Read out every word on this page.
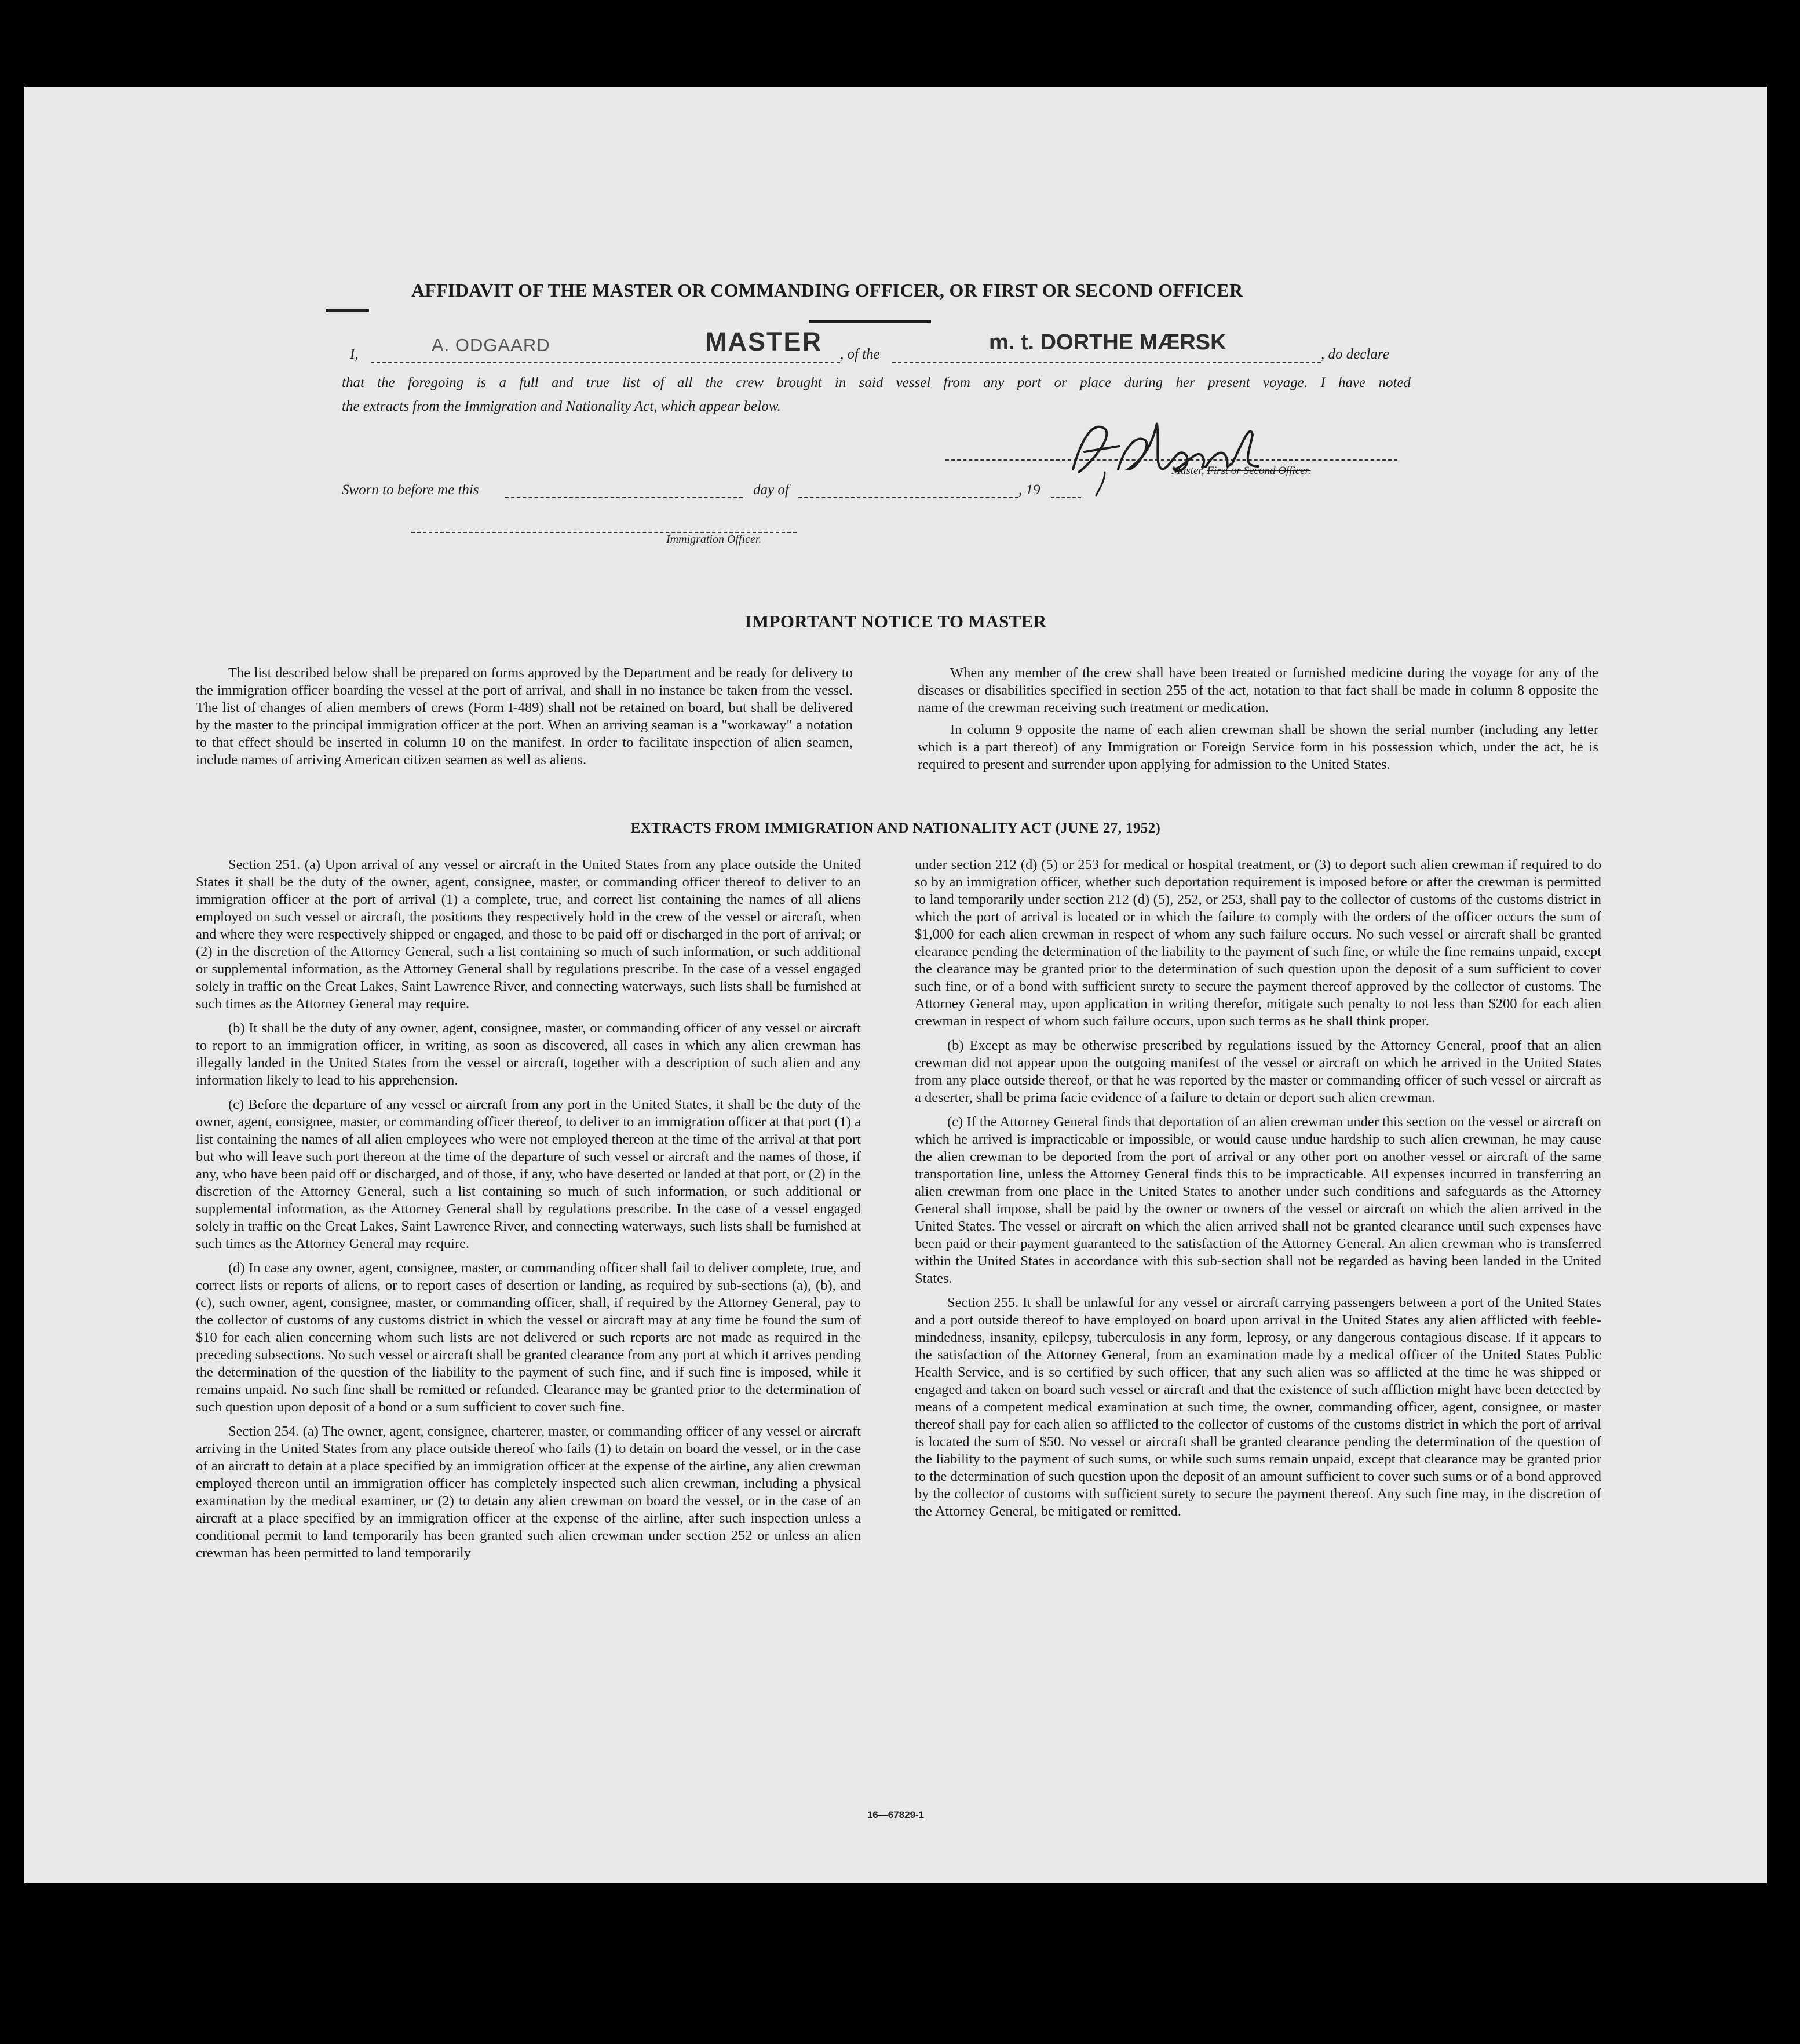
AFFIDAVIT OF THE MASTER OR COMMANDING OFFICER, OR FIRST OR SECOND OFFICER
I,	A. ODGAARD	MASTER , of the	m. t. DORTHE MÆRSK	, do declare
that the foregoing is a full and true list of all the crew brought in said vessel from any port or place during her present voyage. I have noted
the extracts from the Immigration and Nationality Act, which appear below.	A. Odgaard
Master, First or Second Officer.
Sworn to before me this	day of	, 19
Immigration Officer.
IMPORTANT NOTICE TO MASTER

The list described below shall be prepared on forms approved by the Department and be ready for delivery to the immigration officer boarding the vessel at the port of arrival, and shall in no instance be taken from the vessel. The list of changes of alien members of crews (Form I-489) shall not be retained on board, but shall be delivered by the master to the principal immigration officer at the port. When an arriving seaman is a "workaway" a notation to that effect should be inserted in column 10 on the manifest. In order to facilitate inspection of alien seamen, include names of arriving American citizen seamen as well as aliens.

When any member of the crew shall have been treated or furnished medicine during the voyage for any of the diseases or disabilities specified in section 255 of the act, notation to that fact shall be made in column 8 opposite the name of the crewman receiving such treatment or medication.

In column 9 opposite the name of each alien crewman shall be shown the serial number (including any letter which is a part thereof) of any Immigration or Foreign Service form in his possession which, under the act, he is required to present and surrender upon applying for admission to the United States.

EXTRACTS FROM IMMIGRATION AND NATIONALITY ACT (JUNE 27, 1952)

Section 251. (a) Upon arrival of any vessel or aircraft in the United States from any place outside the United States it shall be the duty of the owner, agent, consignee, master, or commanding officer thereof to deliver to an immigration officer at the port of arrival (1) a complete, true, and correct list containing the names of all aliens employed on such vessel or aircraft, the positions they respectively hold in the crew of the vessel or aircraft, when and where they were respectively shipped or engaged, and those to be paid off or discharged in the port of arrival; or (2) in the discretion of the Attorney General, such a list containing so much of such information, or such additional or supplemental information, as the Attorney General shall by regulations prescribe. In the case of a vessel engaged solely in traffic on the Great Lakes, Saint Lawrence River, and connecting waterways, such lists shall be furnished at such times as the Attorney General may require.

(b) It shall be the duty of any owner, agent, consignee, master, or commanding officer of any vessel or aircraft to report to an immigration officer, in writing, as soon as discovered, all cases in which any alien crewman has illegally landed in the United States from the vessel or aircraft, together with a description of such alien and any information likely to lead to his apprehension.

(c) Before the departure of any vessel or aircraft from any port in the United States, it shall be the duty of the owner, agent, consignee, master, or commanding officer thereof, to deliver to an immigration officer at that port (1) a list containing the names of all alien employees who were not employed thereon at the time of the arrival at that port but who will leave such port thereon at the time of the departure of such vessel or aircraft and the names of those, if any, who have been paid off or discharged, and of those, if any, who have deserted or landed at that port, or (2) in the discretion of the Attorney General, such a list containing so much of such information, or such additional or supplemental information, as the Attorney General shall by regulations prescribe. In the case of a vessel engaged solely in traffic on the Great Lakes, Saint Lawrence River, and connecting waterways, such lists shall be furnished at such times as the Attorney General may require.

(d) In case any owner, agent, consignee, master, or commanding officer shall fail to deliver complete, true, and correct lists or reports of aliens, or to report cases of desertion or landing, as required by sub-sections (a), (b), and (c), such owner, agent, consignee, master, or commanding officer, shall, if required by the Attorney General, pay to the collector of customs of any customs district in which the vessel or aircraft may at any time be found the sum of $10 for each alien concerning whom such lists are not delivered or such reports are not made as required in the preceding subsections. No such vessel or aircraft shall be granted clearance from any port at which it arrives pending the determination of the question of the liability to the payment of such fine, and if such fine is imposed, while it remains unpaid. No such fine shall be remitted or refunded. Clearance may be granted prior to the determination of such question upon deposit of a bond or a sum sufficient to cover such fine.

Section 254. (a) The owner, agent, consignee, charterer, master, or commanding officer of any vessel or aircraft arriving in the United States from any place outside thereof who fails (1) to detain on board the vessel, or in the case of an aircraft to detain at a place specified by an immigration officer at the expense of the airline, any alien crewman employed thereon until an immigration officer has completely inspected such alien crewman, including a physical examination by the medical examiner, or (2) to detain any alien crewman on board the vessel, or in the case of an aircraft at a place specified by an immigration officer at the expense of the airline, after such inspection unless a conditional permit to land temporarily has been granted such alien crewman under section 252 or unless an alien crewman has been permitted to land temporarily

under section 212 (d) (5) or 253 for medical or hospital treatment, or (3) to deport such alien crewman if required to do so by an immigration officer, whether such deportation requirement is imposed before or after the crewman is permitted to land temporarily under section 212 (d) (5), 252, or 253, shall pay to the collector of customs of the customs district in which the port of arrival is located or in which the failure to comply with the orders of the officer occurs the sum of $1,000 for each alien crewman in respect of whom any such failure occurs. No such vessel or aircraft shall be granted clearance pending the determination of the liability to the payment of such fine, or while the fine remains unpaid, except the clearance may be granted prior to the determination of such question upon the deposit of a sum sufficient to cover such fine, or of a bond with sufficient surety to secure the payment thereof approved by the collector of customs. The Attorney General may, upon application in writing therefor, mitigate such penalty to not less than $200 for each alien crewman in respect of whom such failure occurs, upon such terms as he shall think proper.

(b) Except as may be otherwise prescribed by regulations issued by the Attorney General, proof that an alien crewman did not appear upon the outgoing manifest of the vessel or aircraft on which he arrived in the United States from any place outside thereof, or that he was reported by the master or commanding officer of such vessel or aircraft as a deserter, shall be prima facie evidence of a failure to detain or deport such alien crewman.

(c) If the Attorney General finds that deportation of an alien crewman under this section on the vessel or aircraft on which he arrived is impracticable or impossible, or would cause undue hardship to such alien crewman, he may cause the alien crewman to be deported from the port of arrival or any other port on another vessel or aircraft of the same transportation line, unless the Attorney General finds this to be impracticable. All expenses incurred in transferring an alien crewman from one place in the United States to another under such conditions and safeguards as the Attorney General shall impose, shall be paid by the owner or owners of the vessel or aircraft on which the alien arrived in the United States. The vessel or aircraft on which the alien arrived shall not be granted clearance until such expenses have been paid or their payment guaranteed to the satisfaction of the Attorney General. An alien crewman who is transferred within the United States in accordance with this sub-section shall not be regarded as having been landed in the United States.

Section 255. It shall be unlawful for any vessel or aircraft carrying passengers between a port of the United States and a port outside thereof to have employed on board upon arrival in the United States any alien afflicted with feeble-mindedness, insanity, epilepsy, tuberculosis in any form, leprosy, or any dangerous contagious disease. If it appears to the satisfaction of the Attorney General, from an examination made by a medical officer of the United States Public Health Service, and is so certified by such officer, that any such alien was so afflicted at the time he was shipped or engaged and taken on board such vessel or aircraft and that the existence of such affliction might have been detected by means of a competent medical examination at such time, the owner, commanding officer, agent, consignee, or master thereof shall pay for each alien so afflicted to the collector of customs of the customs district in which the port of arrival is located the sum of $50. No vessel or aircraft shall be granted clearance pending the determination of the question of the liability to the payment of such sums, or while such sums remain unpaid, except that clearance may be granted prior to the determination of such question upon the deposit of an amount sufficient to cover such sums or of a bond approved by the collector of customs with sufficient surety to secure the payment thereof. Any such fine may, in the discretion of the Attorney General, be mitigated or remitted.

16—67829-1
